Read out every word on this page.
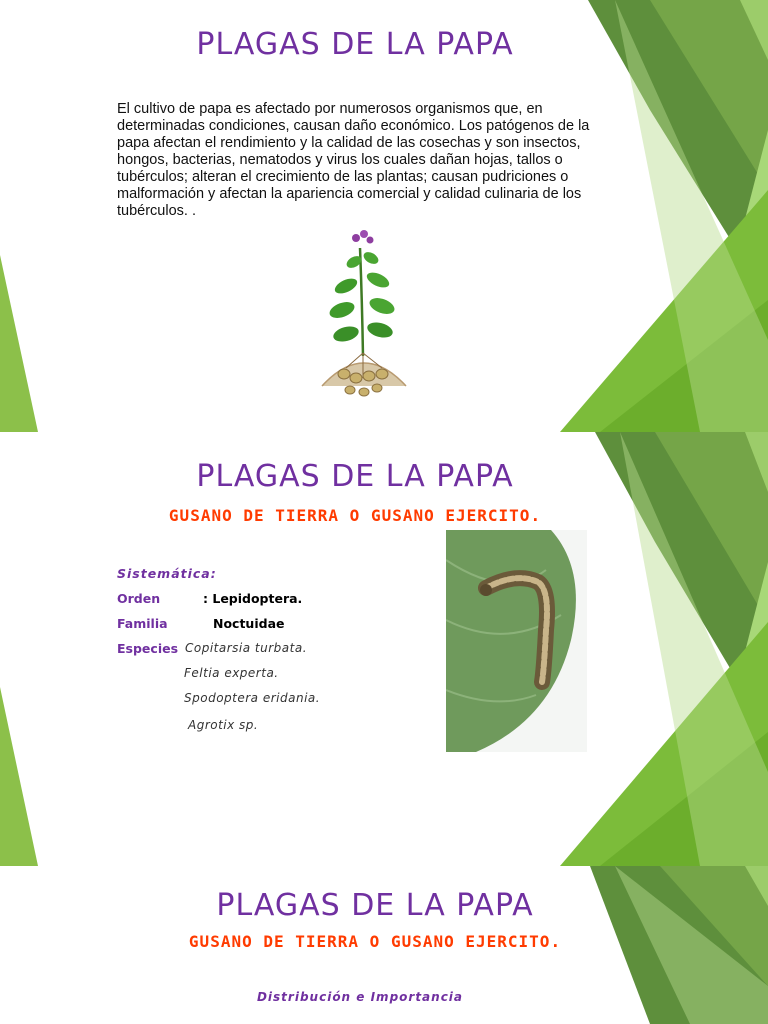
PLAGAS DE LA PAPA
El cultivo de papa es afectado por numerosos organismos que, en determinadas condiciones, causan daño económico. Los patógenos de la papa afectan el rendimiento y la calidad de las cosechas y son insectos, hongos, bacterias, nematodos y virus los cuales dañan hojas, tallos o tubérculos; alteran el crecimiento de las plantas; causan pudriciones o malformación y afectan la apariencia comercial y calidad culinaria de los tubérculos. .
PLAGAS DE LA PAPA
GUSANO DE TIERRA O GUSANO EJERCITO.
Sistemática:
Orden	: Lepidoptera.
Familia	Noctuidae
Especies Copitarsia turbata.
Feltia experta.
Spodoptera eridania.
Agrotix sp.
PLAGAS DE LA PAPA
GUSANO DE TIERRA O GUSANO EJERCITO.
Distribución e Importancia
